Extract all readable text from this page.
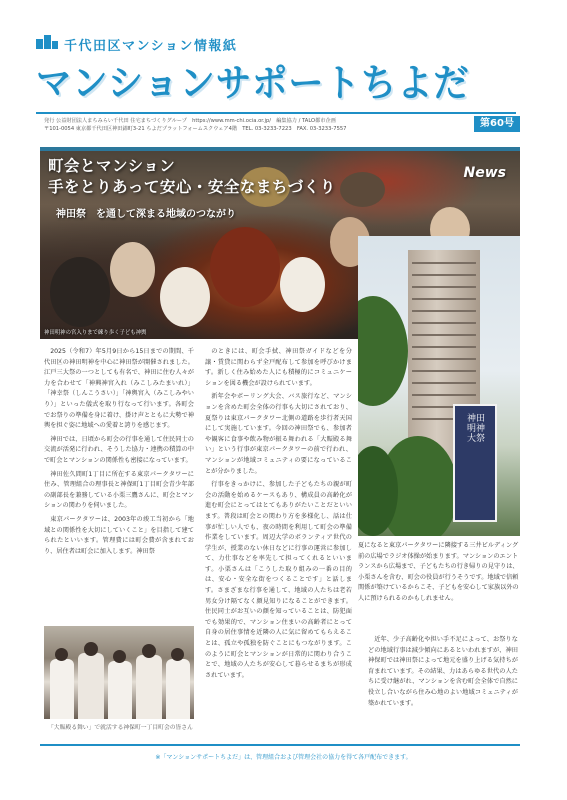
千代田区マンション情報紙
マンションサポートちよだ
発行 公益財団法人まちみらい千代田 住宅まちづくりグループ　https://www.mm-chi.ocia.or.jp/　編集協力 / TALO都市企画
〒101-0054 東京都千代田区神田錦町3-21 ちよだプラットフォームスクウェア4階　TEL. 03-3233-7223　FAX. 03-3233-7557	第60号
町会とマンション
手をとりあって安心・安全なまちづくり
神田祭　を通して深まる地域のつながり
News
神田明神の宮入りまで練り歩く子ども神輿
神田明神大祭
夏になると東京パークタワーに隣接する三井ビルディング前の広場でラジオ体操が始まります。マンションのエントランスから広場まで、子どもたちの行き帰りの見守りは、小栗さんを含む、町会の役員が行うそうです。地域で信頼関係が築けているからこそ、子どもを安心して家族以外の人に預けられるのかもしれません。

2025（令和7）年5月9日から15日までの期間、千代田区の神田明神を中心に神田祭が開催されました。江戸三大祭の一つとしても有名で、神田に住む人々が力を合わせて「神興神宮入れ（みこしみたまいれ）」「神幸祭（しんこうさい）」「神輿宮入（みこしみやいり）」といった儀式を取り行なって行います。各町会でお祭りの準備を身に着け、掛け声とともに大勢で神輿を担ぐ姿に地域への愛着と誇りを感じます。

神田では、日頃から町会の行事を通して住民同士の交流が活発に行われ、そうした協力・連携の積算の中で町会とマンションの関係性も密接になっています。

神田佐久間町1丁目に所在する東京パークタワーに住み、管理組合の理事長と神保町1丁目町会青少年部の副部長を兼務している小栗三鷹さんに、町会とマンションの関わりを伺いました。

東京パークタワーは、2003年の竣工当初から「地域との関係性を大切にしていくこと」を目指して建てられたといいます。管理費には町会費が含まれており、居住者は町会に加入します。神田祭

のときには、町会手拭、神田祭ガイドなどを分譲・賃貸に関わらず全戸配布して参加を呼びかけます。新しく住み始めた人にも積極的にコミュニケーションを図る機会が設けられています。

新年会やボーリング大会、バス旅行など、マンションを含めた町会全体の行事も大切にされており、夏祭りは東京パークタワー北側の道路を歩行者天国にして実施しています。今回の神田祭でも、参加者や観客に食事や飲み物が振る舞われる「大賑殿る舞い」という行事が東京パークタワーの前で行われ、マンションが地域コミュニティの要になっていることが分かりました。

行事をきっかけに、参加した子どもたちの親が町会の活動を始めるケースもあり、構成員の高齢化が進む町会にとってはとてもありがたいことだといいます。普段は町会との関わり方を多様化し、話は仕事が忙しい人でも、夜の時間を利用して町会の準備作業をしています。周辺大学のボランティア世代の学生が、授業のない休日などに行事の運営に参加して、力仕事などを率先して担ってくれるといいます。小栗さんは「こうした取り組みの一番の目的は、安心・安全な街をつくることです」と話します。さまざまな行事を通して、地域の人たちは老若男女分け隔てなく顔見知りになることができます。住民同士がお互いの顔を知っていることは、防犯面でも効果的で、マンション住まいの高齢者にとって自身の居住事情を近隣の人に気に留めてもらえることは、孤立や孤独を防ぐことにもつながります。このように町会とマンションが日常的に関わり合うことで、地域の人たちが安心して暮らせるまちが形成されています。

近年、少子高齢化や担い手不足によって、お祭りなどの地域行事は減少傾向にあるといわれますが、神田神保町では神田祭によって地元を盛り上げる気持ちが育まれています。その結果、力はあらゆる世代の人たちに受け継がれ、マンションを含む町会全体で自然に役立し合いながら住み心地のよい地域コミュニティが築かれています。

「大賑殿る舞い」で就活する神保町一丁目町会の皆さん
※「マンションサポートちよだ」は、管理組合および管理会社の協力を得て各戸配布できます。
